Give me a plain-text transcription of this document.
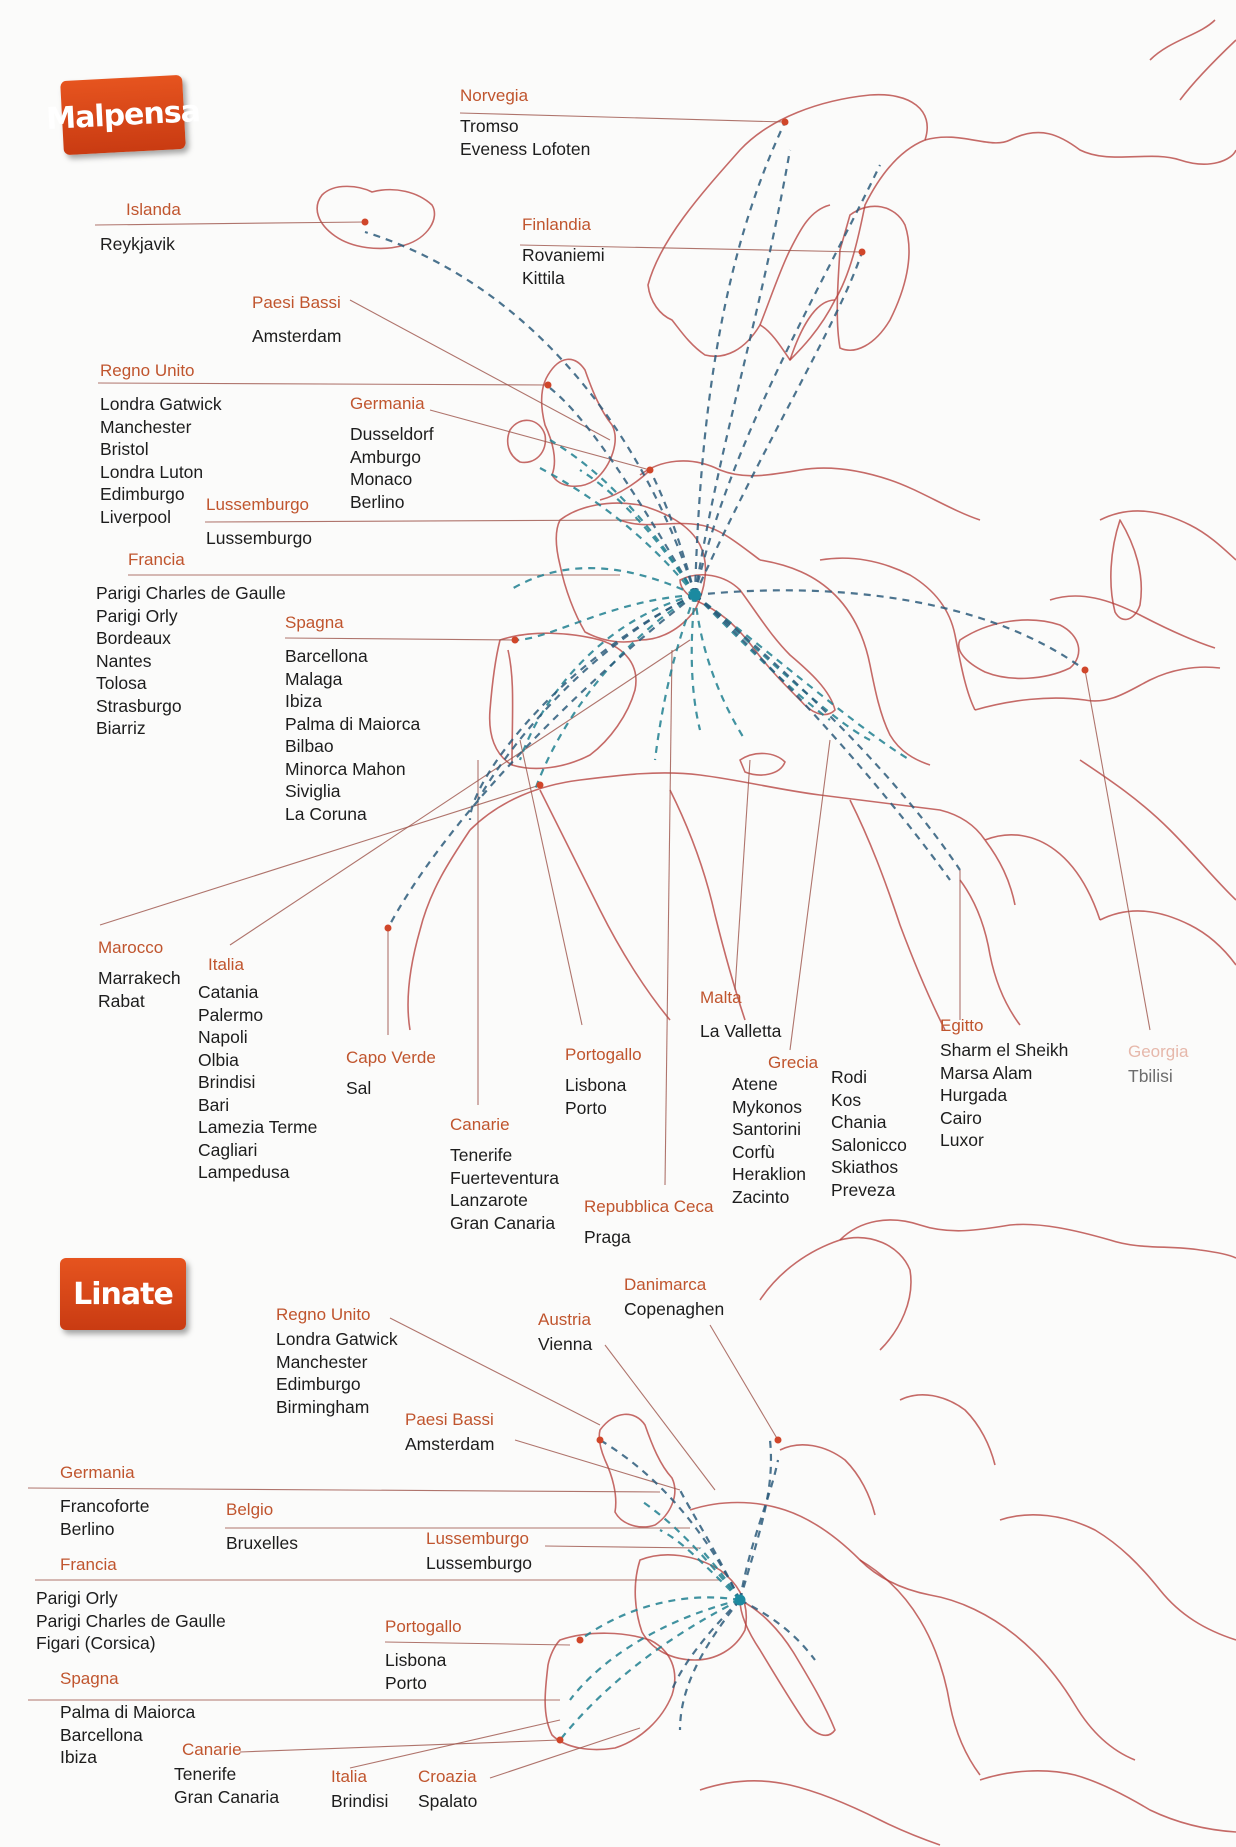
Malpensa
Linate
Norvegia
Tromso
Eveness Lofoten
Islanda
Reykjavik
Finlandia
Rovaniemi
Kittila
Paesi Bassi
Amsterdam
Regno Unito
Londra Gatwick
Manchester
Bristol
Londra Luton
Edimburgo
Liverpool
Germania
Dusseldorf
Amburgo
Monaco
Berlino
Lussemburgo
Lussemburgo
Francia
Parigi Charles de Gaulle
Parigi Orly
Bordeaux
Nantes
Tolosa
Strasburgo
Biarriz
Spagna
Barcellona
Malaga
Ibiza
Palma di Maiorca
Bilbao
Minorca Mahon
Siviglia
La Coruna
Marocco
Marrakech
Rabat
Italia
Catania
Palermo
Napoli
Olbia
Brindisi
Bari
Lamezia Terme
Cagliari
Lampedusa
Capo Verde
Sal
Canarie
Tenerife
Fuerteventura
Lanzarote
Gran Canaria
Portogallo
Lisbona
Porto
Repubblica Ceca
Praga
Malta
La Valletta
Grecia
Atene
Mykonos
Santorini
Corfù
Heraklion
Zacinto
Rodi
Kos
Chania
Salonicco
Skiathos
Preveza
Egitto
Sharm el Sheikh
Marsa Alam
Hurgada
Cairo
Luxor
Georgia
Tbilisi
Regno Unito
Londra Gatwick
Manchester
Edimburgo
Birmingham
Austria
Vienna
Danimarca
Copenaghen
Paesi Bassi
Amsterdam
Germania
Francoforte
Berlino
Belgio
Bruxelles	Lussemburgo
Lussemburgo
Francia
Parigi Orly
Parigi Charles de Gaulle
Figari (Corsica)
Portogallo
Lisbona
Porto
Spagna
Palma di Maiorca
Barcellona
Ibiza	Canarie
Tenerife
Gran Canaria
Italia
Brindisi
Croazia
Spalato
